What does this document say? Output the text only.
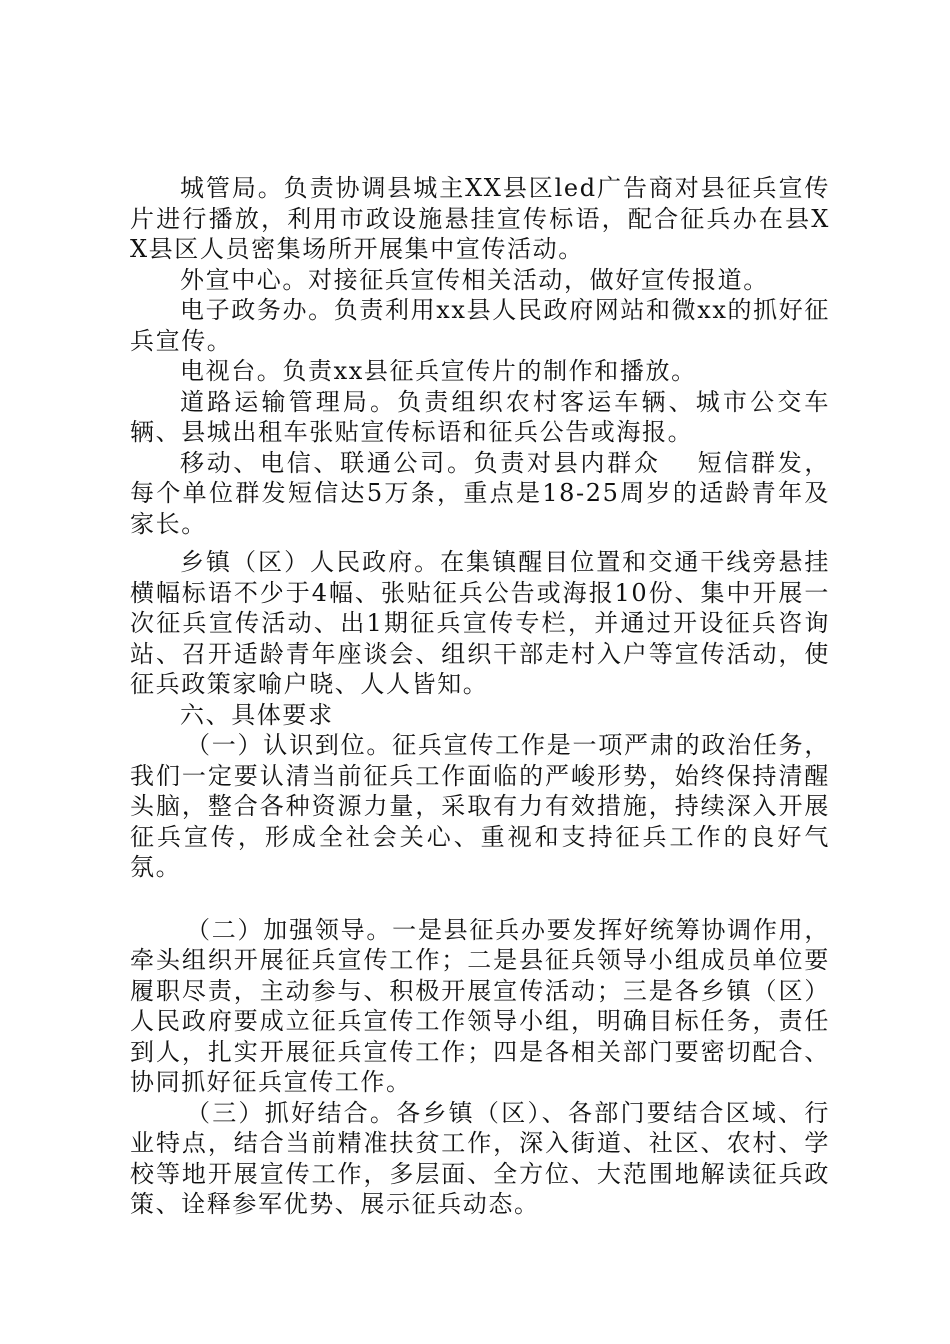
城管局。负责协调县城主XX县区led广告商对县征兵宣传片进行播放，利用市政设施悬挂宣传标语，配合征兵办在县XX县区人员密集场所开展集中宣传活动。

外宣中心。对接征兵宣传相关活动，做好宣传报道。

电子政务办。负责利用xx县人民政府网站和微xx的抓好征兵宣传。

电视台。负责xx县征兵宣传片的制作和播放。

道路运输管理局。负责组织农村客运车辆、城市公交车辆、县城出租车张贴宣传标语和征兵公告或海报。

移动、电信、联通公司。负责对县内群众 短信群发，每个单位群发短信达5万条，重点是18-25周岁的适龄青年及家长。

乡镇（区）人民政府。在集镇醒目位置和交通干线旁悬挂横幅标语不少于4幅、张贴征兵公告或海报10份、集中开展一次征兵宣传活动、出1期征兵宣传专栏，并通过开设征兵咨询站、召开适龄青年座谈会、组织干部走村入户等宣传活动，使征兵政策家喻户晓、人人皆知。

六、具体要求

（一）认识到位。征兵宣传工作是一项严肃的政治任务，我们一定要认清当前征兵工作面临的严峻形势，始终保持清醒头脑，整合各种资源力量，采取有力有效措施，持续深入开展征兵宣传，形成全社会关心、重视和支持征兵工作的良好气氛。

（二）加强领导。一是县征兵办要发挥好统筹协调作用，牵头组织开展征兵宣传工作；二是县征兵领导小组成员单位要履职尽责，主动参与、积极开展宣传活动；三是各乡镇（区）人民政府要成立征兵宣传工作领导小组，明确目标任务，责任到人，扎实开展征兵宣传工作；四是各相关部门要密切配合、协同抓好征兵宣传工作。

（三）抓好结合。各乡镇（区）、各部门要结合区域、行业特点，结合当前精准扶贫工作，深入街道、社区、农村、学校等地开展宣传工作，多层面、全方位、大范围地解读征兵政策、诠释参军优势、展示征兵动态。
